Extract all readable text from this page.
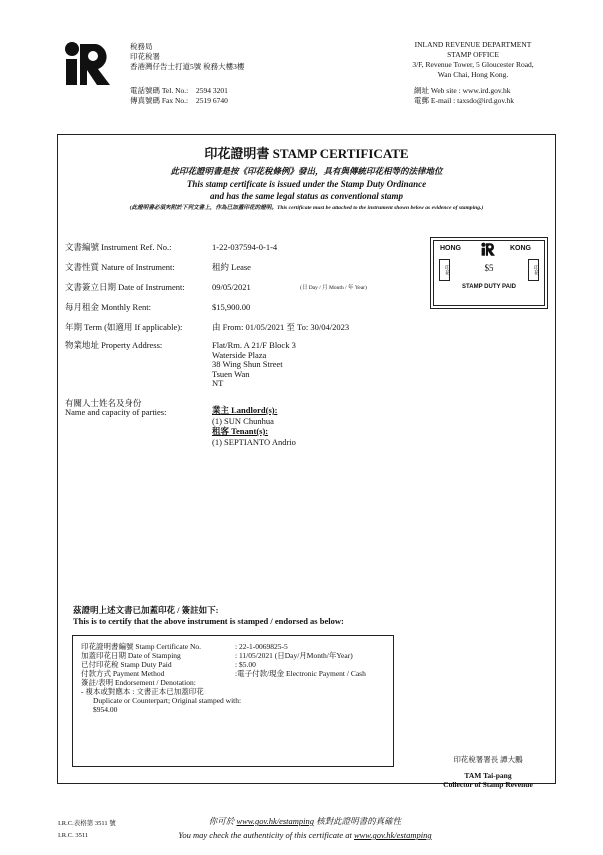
稅務局
印花稅署
香港灣仔告士打道5號 稅務大樓3樓
電話號碼 Tel. No.:	2594 3201
傳真號碼 Fax No.:	2519 6740
INLAND REVENUE DEPARTMENT
STAMP OFFICE
3/F, Revenue Tower, 5 Gloucester Road,
Wan Chai, Hong Kong.
網址 Web site : www.ird.gov.hk
電郵 E-mail : taxsdo@ird.gov.hk
印花證明書 STAMP CERTIFICATE
此印花證明書是按《印花稅條例》發出，具有與傳統印花相等的法律地位
This stamp certificate is issued under the Stamp Duty Ordinance
and has the same legal status as conventional stamp
(此證明書必須夾附於下列文書上，作為已加蓋印花的證明。This certificate must be attached to the instrument shown below as evidence of stamping.)
文書編號 Instrument Ref. No.:	1-22-037594-0-1-4
文書性質 Nature of Instrument:	租約 Lease
文書簽立日期 Date of Instrument:	09/05/2021	(日 Day / 月 Month / 年 Year)
每月租金 Monthly Rent:	$15,900.00
年期 Term (如適用 If applicable):	由 From: 01/05/2021 至 To: 30/04/2023
物業地址 Property Address:	Flat/Rm. A 21/F Block 3
Waterside Plaza
38 Wing Shun Street
Tsuen Wan
NT
有關人士姓名及身份
Name and capacity of parties:	業主 Landlord(s):
(1) SUN Chunhua
租客 Tenant(s):
(1) SEPTIANTO Andrio
HONG	KONG
印花	$5	印花
STAMP DUTY PAID
茲證明上述文書已加蓋印花 / 簽註如下:
This is to certify that the above instrument is stamped / endorsed as below:
印花證明書編號 Stamp Certificate No.	: 22-1-0069825-5
加蓋印花日期 Date of Stamping	: 11/05/2021 (日Day/月Month/年Year)
已付印花稅 Stamp Duty Paid	: $5.00
付款方式 Payment Method	:電子付款/現金 Electronic Payment / Cash
簽註/表明 Endorsement / Denotation:
- 複本或對應本 : 文書正本已加蓋印花
Duplicate or Counterpart; Original stamped with:
$954.00
印花稅署署長 譚大鵬
TAM Tai-pang
Collector of Stamp Revenue
I.R.C.表格第 3511 號
I.R.C. 3511
你可於 www.gov.hk/estamping 核對此證明書的真確性
You may check the authenticity of this certificate at www.gov.hk/estamping
